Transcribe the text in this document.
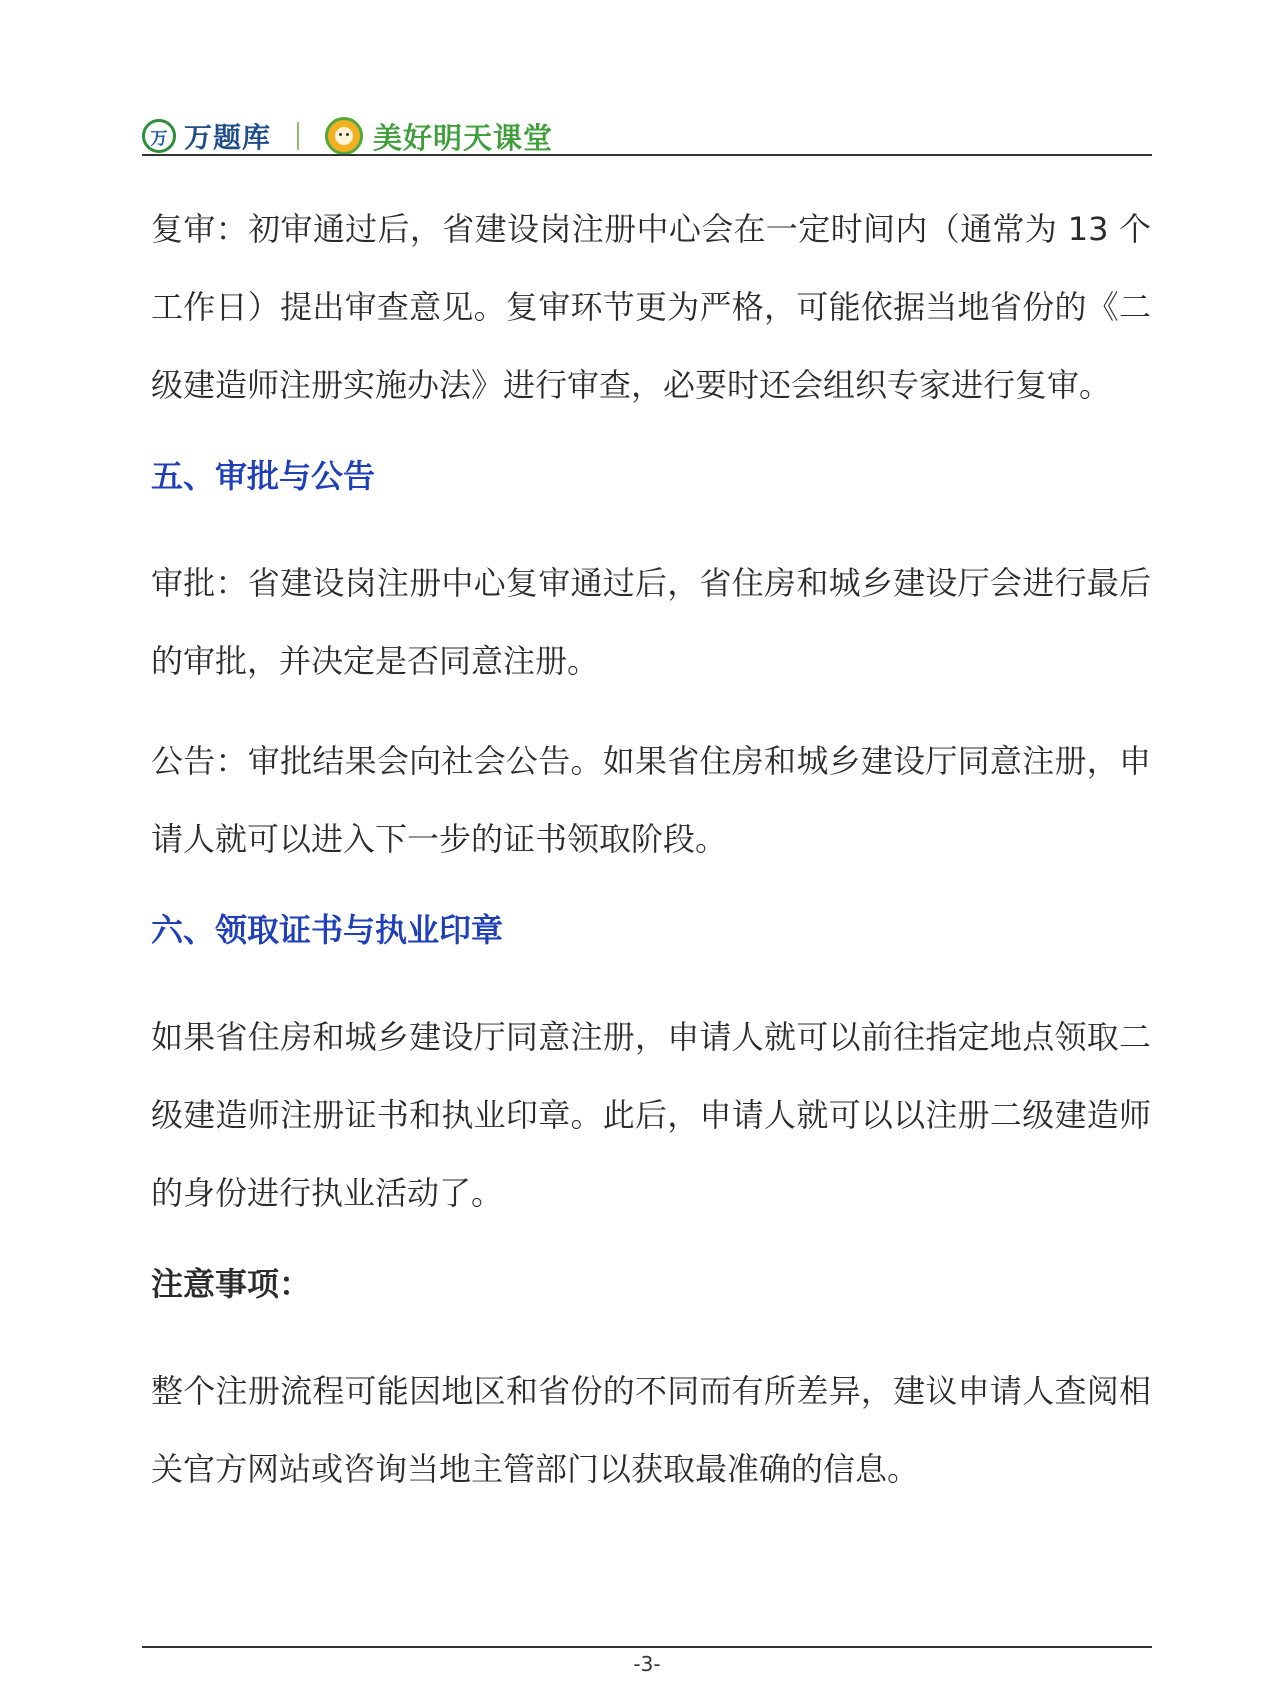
万 万题库	美好明天课堂

复审：初审通过后，省建设岗注册中心会在一定时间内（通常为 13 个工作日）提出审查意见。复审环节更为严格，可能依据当地省份的《二级建造师注册实施办法》进行审查，必要时还会组织专家进行复审。

五、审批与公告

审批：省建设岗注册中心复审通过后，省住房和城乡建设厅会进行最后的审批，并决定是否同意注册。

公告：审批结果会向社会公告。如果省住房和城乡建设厅同意注册，申请人就可以进入下一步的证书领取阶段。

六、领取证书与执业印章

如果省住房和城乡建设厅同意注册，申请人就可以前往指定地点领取二级建造师注册证书和执业印章。此后，申请人就可以以注册二级建造师的身份进行执业活动了。

注意事项：

整个注册流程可能因地区和省份的不同而有所差异，建议申请人查阅相关官方网站或咨询当地主管部门以获取最准确的信息。

-3-
